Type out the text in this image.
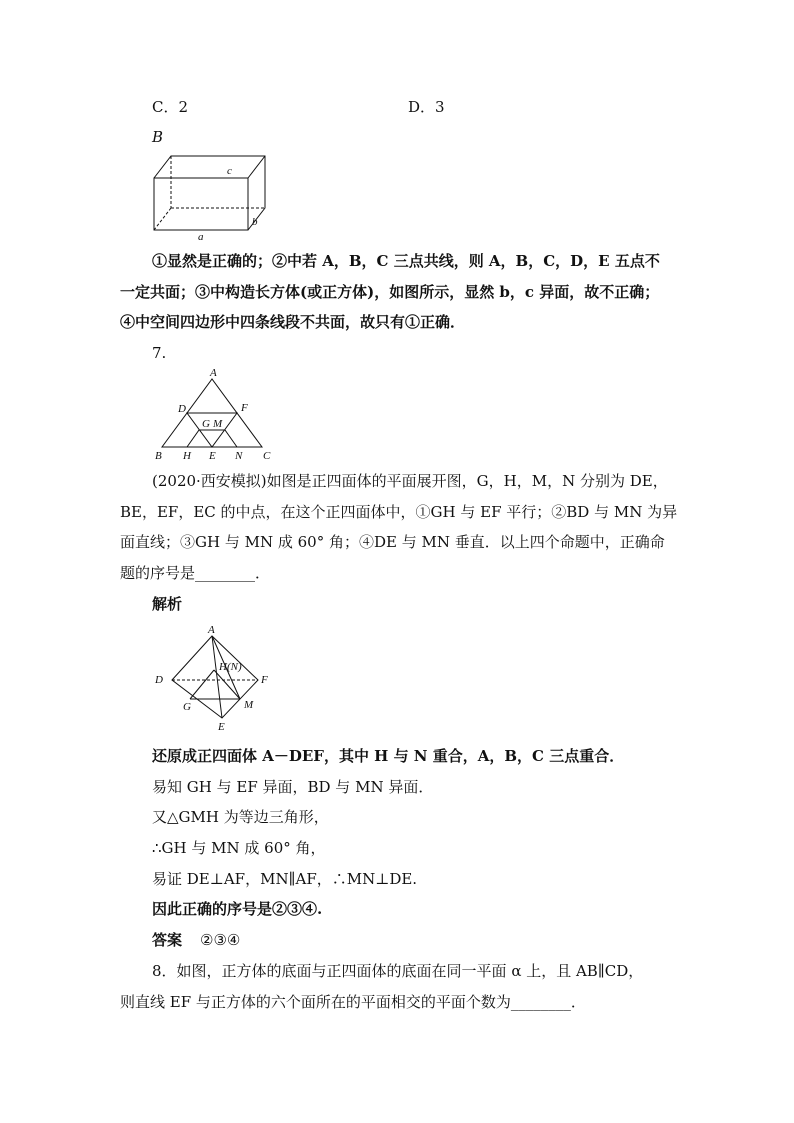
C．2	D．3
B
c
b
a
①显然是正确的；②中若 A，B，C 三点共线，则 A，B，C，D，E 五点不
一定共面；③中构造长方体(或正方体)，如图所示，显然 b，c 异面，故不正确；
④中空间四边形中四条线段不共面，故只有①正确．
7.
A
D	F
G M
B H E N C
(2020·西安模拟)如图是正四面体的平面展开图，G，H，M，N 分别为 DE，
BE，EF，EC 的中点，在这个正四面体中，①GH 与 EF 平行；②BD 与 MN 为异
面直线；③GH 与 MN 成 60° 角；④DE 与 MN 垂直．以上四个命题中，正确命
题的序号是________．
解析
A
H(N)
D	F
G	M
E
还原成正四面体 A－DEF，其中 H 与 N 重合，A，B，C 三点重合．
易知 GH 与 EF 异面，BD 与 MN 异面．
又△GMH 为等边三角形，
∴GH 与 MN 成 60° 角，
易证 DE⊥AF，MN∥AF，∴MN⊥DE.
因此正确的序号是②③④.
答案 ②③④
8．如图，正方体的底面与正四面体的底面在同一平面 α 上，且 AB∥CD，
则直线 EF 与正方体的六个面所在的平面相交的平面个数为________．
